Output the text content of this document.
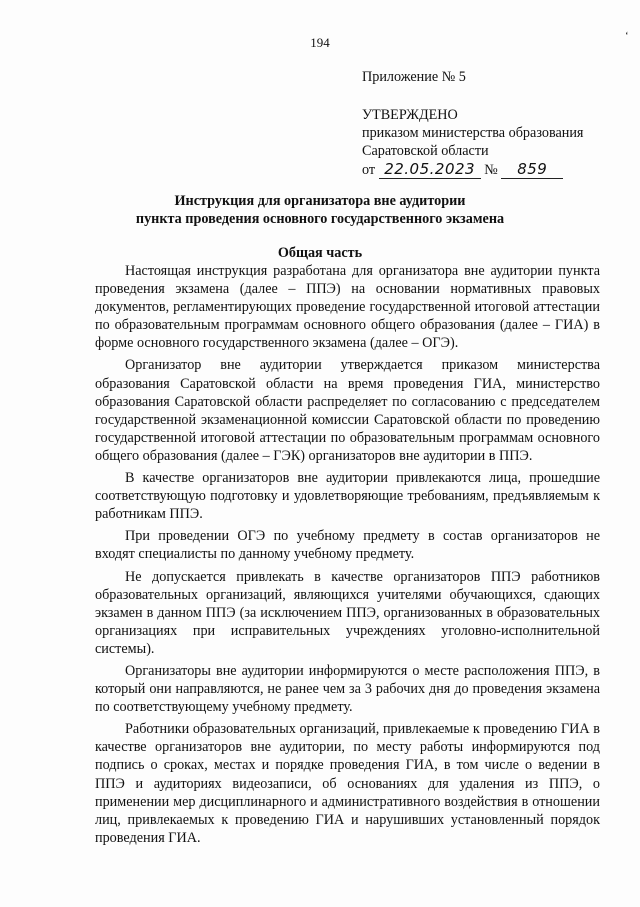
194	ʻ
Приложение № 5
УТВЕРЖДЕНО
приказом министерства образования
Саратовской области
от 22.05.2023 № 859
Инструкция для организатора вне аудитории
пункта проведения основного государственного экзамена
Общая часть

Настоящая инструкция разработана для организатора вне аудитории пункта проведения экзамена (далее – ППЭ) на основании нормативных правовых документов, регламентирующих проведение государственной итоговой аттестации по образовательным программам основного общего образования (далее – ГИА) в форме основного государственного экзамена (далее – ОГЭ).

Организатор вне аудитории утверждается приказом министерства образования Саратовской области на время проведения ГИА, министерство образования Саратовской области распределяет по согласованию с председателем государственной экзаменационной комиссии Саратовской области по проведению государственной итоговой аттестации по образовательным программам основного общего образования (далее – ГЭК) организаторов вне аудитории в ППЭ.

В качестве организаторов вне аудитории привлекаются лица, прошедшие соответствующую подготовку и удовлетворяющие требованиям, предъявляемым к работникам ППЭ.

При проведении ОГЭ по учебному предмету в состав организаторов не входят специалисты по данному учебному предмету.

Не допускается привлекать в качестве организаторов ППЭ работников образовательных организаций, являющихся учителями обучающихся, сдающих экзамен в данном ППЭ (за исключением ППЭ, организованных в образовательных организациях при исправительных учреждениях уголовно-исполнительной системы).

Организаторы вне аудитории информируются о месте расположения ППЭ, в который они направляются, не ранее чем за 3 рабочих дня до проведения экзамена по соответствующему учебному предмету.

Работники образовательных организаций, привлекаемые к проведению ГИА в качестве организаторов вне аудитории, по месту работы информируются под подпись о сроках, местах и порядке проведения ГИА, в том числе о ведении в ППЭ и аудиториях видеозаписи, об основаниях для удаления из ППЭ, о применении мер дисциплинарного и административного воздействия в отношении лиц, привлекаемых к проведению ГИА и нарушивших установленный порядок проведения ГИА.
